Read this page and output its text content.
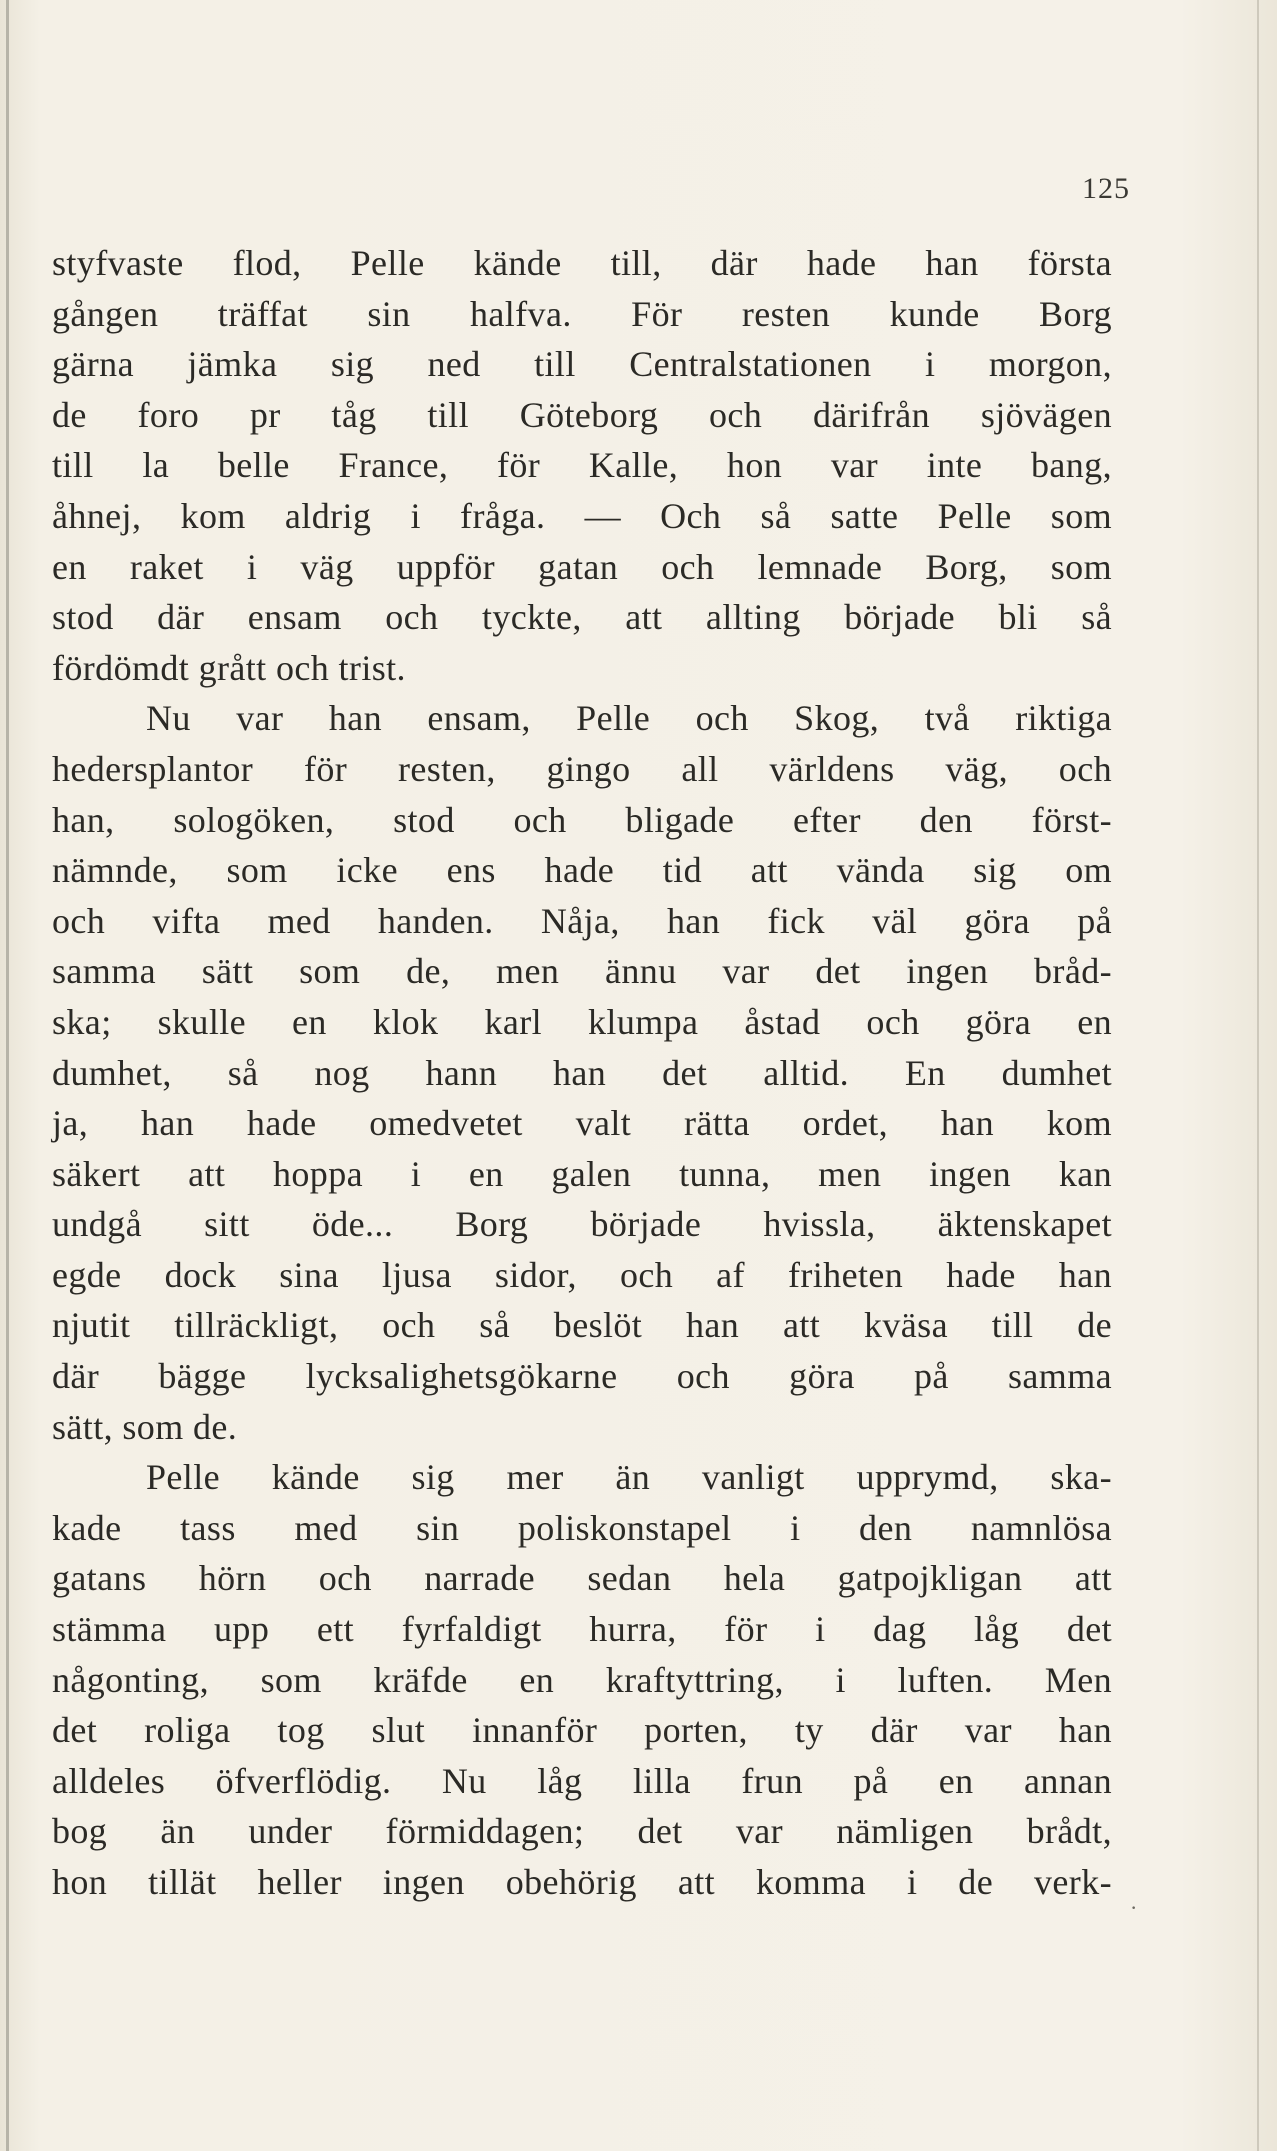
125
styfvaste flod, Pelle kände till, där hade han första
gången träffat sin halfva. För resten kunde Borg
gärna jämka sig ned till Centralstationen i morgon,
de foro pr tåg till Göteborg och därifrån sjövägen
till la belle France, för Kalle, hon var inte bang,
åhnej, kom aldrig i fråga. — Och så satte Pelle som
en raket i väg uppför gatan och lemnade Borg, som
stod där ensam och tyckte, att allting började bli så
fördömdt grått och trist.
Nu var han ensam, Pelle och Skog, två riktiga
hedersplantor för resten, gingo all världens väg, och
han, sologöken, stod och bligade efter den först-
nämnde, som icke ens hade tid att vända sig om
och vifta med handen. Nåja, han fick väl göra på
samma sätt som de, men ännu var det ingen bråd-
ska; skulle en klok karl klumpa åstad och göra en
dumhet, så nog hann han det alltid. En dumhet
ja, han hade omedvetet valt rätta ordet, han kom
säkert att hoppa i en galen tunna, men ingen kan
undgå sitt öde... Borg började hvissla, äktenskapet
egde dock sina ljusa sidor, och af friheten hade han
njutit tillräckligt, och så beslöt han att kväsa till de
där bägge lycksalighetsgökarne och göra på samma
sätt, som de.
Pelle kände sig mer än vanligt upprymd, ska-
kade tass med sin poliskonstapel i den namnlösa
gatans hörn och narrade sedan hela gatpojkligan att
stämma upp ett fyrfaldigt hurra, för i dag låg det
någonting, som kräfde en kraftyttring, i luften. Men
det roliga tog slut innanför porten, ty där var han
alldeles öfverflödig. Nu låg lilla frun på en annan
bog än under förmiddagen; det var nämligen brådt,
hon tillät heller ingen obehörig att komma i de verk-
·
